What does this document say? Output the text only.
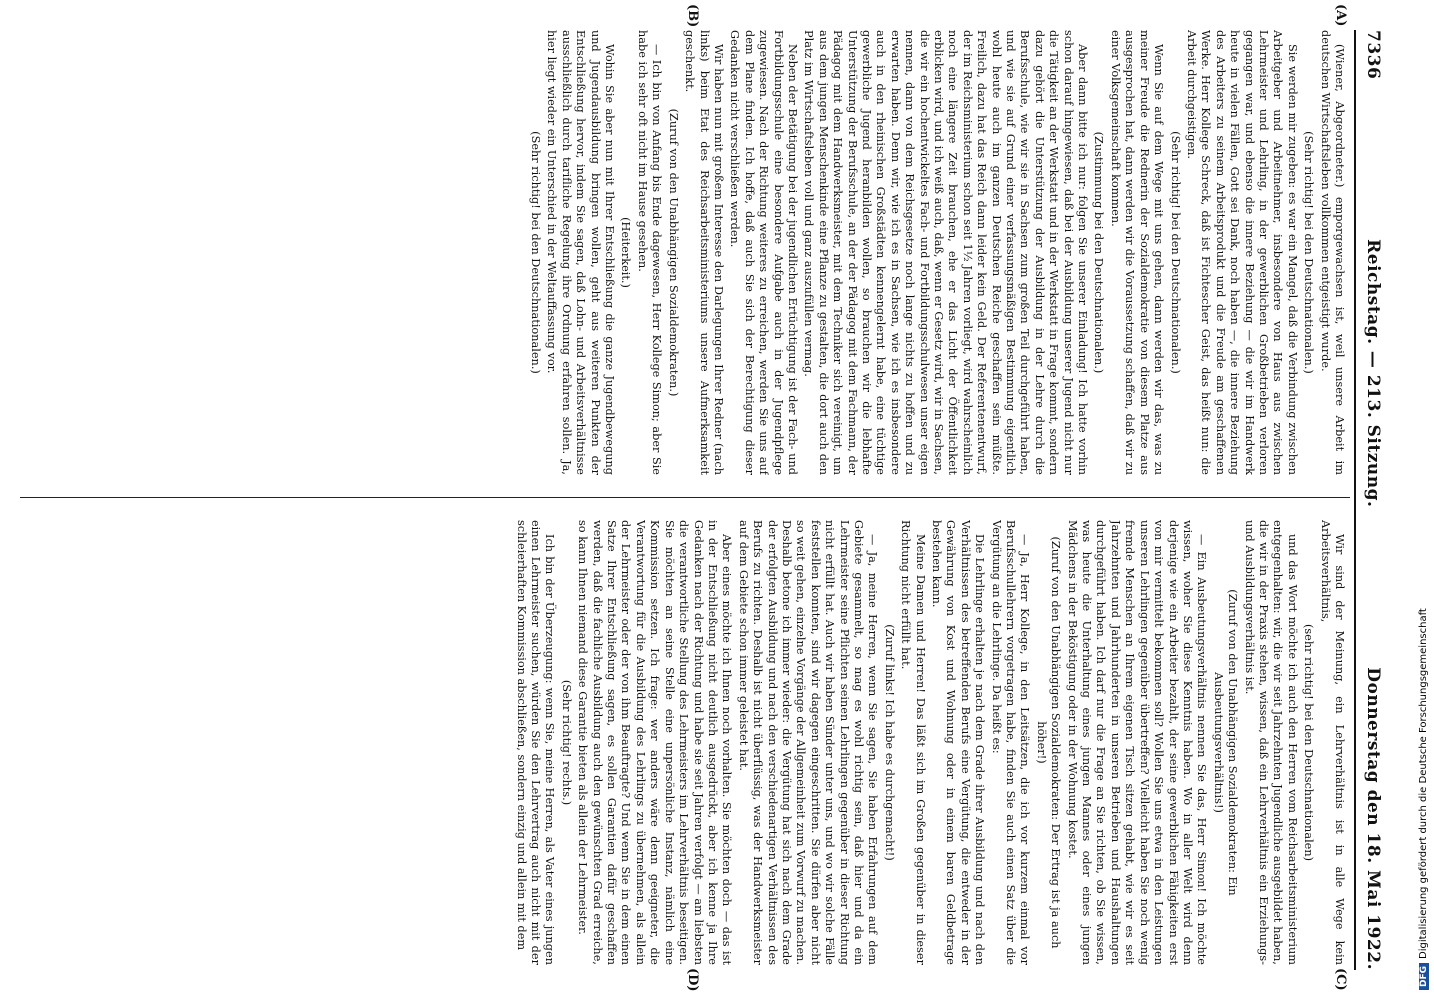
7336
Reichstag. — 213. Sitzung.
Donnerstag den 18. Mai 1922.
(A)
(B)
(C)
(D)

(Wiener, Abgeordneter.) emporgewachsen ist, weil unsere Arbeit im deutschen Wirtschaftsleben vollkommen entgeistigt wurde.

(Sehr richtig! bei den Deutschnationalen.)

Sie werden mir zugeben: es war ein Mangel, daß die Verbindung zwischen Arbeitgeber und Arbeitnehmer, insbesondere von Haus aus zwischen Lehrmeister und Lehrling, in der gewerblichen Großbetrieben verloren gegangen war, und ebenso die innere Beziehung — die wir im Handwerk heute in vielen Fällen, Gott sei Dank, noch haben —, die innere Beziehung des Arbeiters zu seinem Arbeitsprodukt und die Freude am geschaffenen Werke. Herr Kollege Schreck, daß ist Fichtescher Geist, das heißt nun: die Arbeit durchgeistigen.

(Sehr richtig! bei den Deutschnationalen.)

Wenn Sie auf dem Wege mit uns gehen, dann werden wir das, was zu meiner Freude die Rednerin der Sozialdemokratie von diesem Platze aus ausgesprochen hat, dann werden wir die Voraussetzung schaffen, daß wir zu einer Volksgemeinschaft kommen.

(Zustimmung bei den Deutschnationalen.)

Aber dann bitte ich nur: folgen Sie unserer Einladung! Ich hatte vorhin schon darauf hingewiesen, daß bei der Ausbildung unserer Jugend nicht nur die Tätigkeit an der Werkstatt und in der Werkstatt in Frage kommt, sondern dazu gehört die Unterstützung der Ausbildung in der Lehre durch die Berufsschule, wie wir sie in Sachsen zum großen Teil durchgeführt haben, und wie sie auf Grund einer verfassungsmäßigen Bestimmung eigentlich wohl heute auch im ganzen Deutschen Reiche geschaffen sein müßte. Freilich, dazu hat das Reich dann leider kein Geld. Der Referentenentwurf, der im Reichsministerium schon seit 1½ Jahren vorliegt, wird wahrscheinlich noch eine längere Zeit brauchen, ehe er das Licht der Öffentlichkeit erblicken wird, und ich weiß auch, daß, wenn er Gesetz wird, wir in Sachsen, die wir ein hochentwickeltes Fach- und Fortbildungsschulwesen unser eigen nennen, dann von dem Reichsgesetze noch lange nichts zu hoffen und zu erwarten haben. Denn wir, wie ich es in Sachsen, wie ich es insbesondere auch in den rheinischen Großstädten kennengelernt habe, eine tüchtige gewerbliche Jugend heranbilden wollen, so brauchen wir die lebhafte Unterstützung der Berufsschule, an der der Pädagog mit dem Fachmann, der Pädagog mit dem Handwerksmeister, mit dem Techniker sich vereinigt, um aus dem jungen Menschenkinde eine Pflanze zu gestalten, die dort auch den Platz im Wirtschaftsleben voll und ganz auszufüllen vermag.

Neben der Betätigung bei der jugendlichen Ertüchtigung ist der Fach- und Fortbildungsschule eine besondere Aufgabe auch in der Jugendpflege zugewiesen. Nach der Richtung weiteres zu erreichen, werden Sie uns auf dem Plane finden. Ich hoffe, daß auch Sie sich der Berechtigung dieser Gedanken nicht verschließen werden.

Wir haben nun mit großem Interesse den Darlegungen Ihrer Redner (nach links) beim Etat des Reichsarbeitsministeriums unsere Aufmerksamkeit geschenkt.

(Zuruf von den Unabhängigen Sozialdemokraten.)

— Ich bin von Anfang bis Ende dagewesen, Herr Kollege Simon; aber Sie habe ich sehr oft nicht im Hause gesehen.

(Heiterkeit.)

Wohin Sie aber nun mit Ihrer Entschließung die ganze Jugendbewegung und Jugendausbildung bringen wollen, geht aus weiteren Punkten der Entschließung hervor, indem Sie sagen, daß Lohn- und Arbeitsverhältnisse ausschließlich durch tarifliche Regelung ihre Ordnung erfahren sollen. Ja, hier liegt wieder ein Unterschied in der Weltauffassung vor.

(Sehr richtig! bei den Deutschnationalen.)

Wir sind der Meinung, ein Lehrverhältnis ist in alle Wege kein Arbeitsverhältnis,

(sehr richtig! bei den Deutschnationalen)

und das Wort möchte ich auch den Herren vom Reichsarbeitsministerium entgegenhalten: wir, die wir seit Jahrzehnten Jugendliche ausgebildet haben, die wir in der Praxis stehen, wissen, daß ein Lehrverhältnis ein Erziehungs- und Ausbildungsverhältnis ist.

(Zuruf von den Unabhängigen Sozialdemokraten: Ein Ausbeutungsverhältnis!)

— Ein Ausbeutungsverhältnis nennen Sie das, Herr Simon! Ich möchte wissen, woher Sie diese Kenntnis haben. Wo in aller Welt wird denn derjenige wie ein Arbeiter bezahlt, der seine gewerblichen Fähigkeiten erst von mir vermittelt bekommen soll? Wollen Sie uns etwa in den Leistungen unseren Lehrlingen gegenüber übertreffen? Vielleicht haben Sie noch wenig fremde Menschen an Ihrem eigenen Tisch sitzen gehabt, wie wir es seit Jahrzehnten und Jahrhunderten in unseren Betrieben und Haushaltungen durchgeführt haben. Ich darf nur die Frage an Sie richten, ob Sie wissen, was heute die Unterhaltung eines jungen Mannes oder eines jungen Mädchens in der Beköstigung oder in der Wohnung kostet.

(Zuruf von den Unabhängigen Sozialdemokraten: Der Ertrag ist ja auch höher!)

— Ja, Herr Kollege, in den Leitsätzen, die ich vor kurzem einmal vor Berufsschullehrern vorgetragen habe, finden Sie auch einen Satz über die Vergütung an die Lehrlinge. Da heißt es:

Die Lehrlinge erhalten je nach dem Grade ihrer Ausbildung und nach den Verhältnissen des betreffenden Berufs eine Vergütung, die entweder in der Gewährung von Kost und Wohnung oder in einem baren Geldbetrage bestehen kann.

Meine Damen und Herren! Das läßt sich im Großen gegenüber in dieser Richtung nicht erfüllt hat.

(Zuruf links! Ich habe es durchgemacht!)

— Ja, meine Herren, wenn Sie sagen, Sie haben Erfahrungen auf dem Gebiete gesammelt, so mag es wohl richtig sein, daß hier und da ein Lehrmeister seine Pflichten seinen Lehrlingen gegenüber in dieser Richtung nicht erfüllt hat. Auch wir haben Sünder unter uns, und wo wir solche Fälle feststellen konnten, sind wir dagegen eingeschritten. Sie dürfen aber nicht so weit gehen, einzelne Vorgänge der Allgemeinheit zum Vorwurf zu machen. Deshalb betone ich immer wieder: die Vergütung hat sich nach dem Grade der erfolgten Ausbildung und nach den verschiedenartigen Verhältnissen des Berufs zu richten. Deshalb ist nicht überflüssig, was der Handwerksmeister auf dem Gebiete schon immer geleistet hat.

Aber eines möchte ich Ihnen noch vorhalten. Sie möchten doch — das ist in der Entschließung nicht deutlich ausgedrückt, aber ich kenne ja Ihre Gedanken nach der Richtung und habe sie seit Jahren verfolgt — am liebsten die verantwortliche Stellung des Lehrmeisters im Lehrverhältnis beseitigen. Sie möchten an seine Stelle eine unpersönliche Instanz, nämlich eine Kommission setzen. Ich frage: wer anders wäre denn geeigneter, die Verantwortung für die Ausbildung des Lehrlings zu übernehmen, als allein der Lehrmeister oder der von ihm Beauftragte? Und wenn Sie in dem einen Satze Ihrer Entschließung sagen, es sollen Garantien dafür geschaffen werden, daß die fachliche Ausbildung auch den gewünschten Grad erreiche, so kann Ihnen niemand diese Garantie bieten als allein der Lehrmeister.

(Sehr richtig! rechts.)

Ich bin der Überzeugung: wenn Sie, meine Herren, als Vater eines jungen einen Lehrmeister suchen, würden Sie den Lehrvertrag auch nicht mit der schleierhaften Kommission abschließen, sondern einzig und allein mit dem

DFGDigitalisierung gefördert durch die Deutsche Forschungsgemeinschaft
